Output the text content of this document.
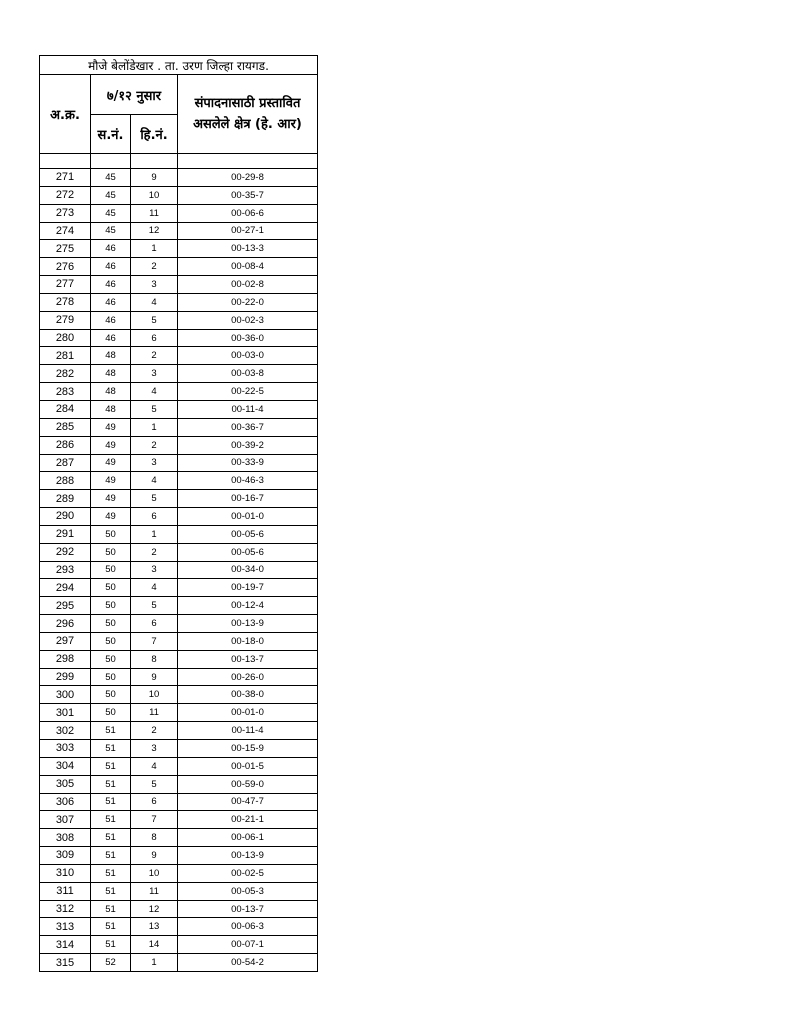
मौजे बेलोंडेखार . ता. उरण जिल्हा रायगड.			
अ.क्र.	७/१२ नुसार		संपादनासाठी प्रस्तावित
असलेले क्षेत्र (हे. आर)

	स.नं.	हि.नं.	

271	45	9	00-29-8
272	45	10	00-35-7
273	45	11	00-06-6
274	45	12	00-27-1
275	46	1	00-13-3
276	46	2	00-08-4
277	46	3	00-02-8
278	46	4	00-22-0
279	46	5	00-02-3
280	46	6	00-36-0
281	48	2	00-03-0
282	48	3	00-03-8
283	48	4	00-22-5
284	48	5	00-11-4
285	49	1	00-36-7
286	49	2	00-39-2
287	49	3	00-33-9
288	49	4	00-46-3
289	49	5	00-16-7
290	49	6	00-01-0
291	50	1	00-05-6
292	50	2	00-05-6
293	50	3	00-34-0
294	50	4	00-19-7
295	50	5	00-12-4
296	50	6	00-13-9
297	50	7	00-18-0
298	50	8	00-13-7
299	50	9	00-26-0
300	50	10	00-38-0
301	50	11	00-01-0
302	51	2	00-11-4
303	51	3	00-15-9
304	51	4	00-01-5
305	51	5	00-59-0
306	51	6	00-47-7
307	51	7	00-21-1
308	51	8	00-06-1
309	51	9	00-13-9
310	51	10	00-02-5
311	51	11	00-05-3
312	51	12	00-13-7
313	51	13	00-06-3
314	51	14	00-07-1
315	52	1	00-54-2
